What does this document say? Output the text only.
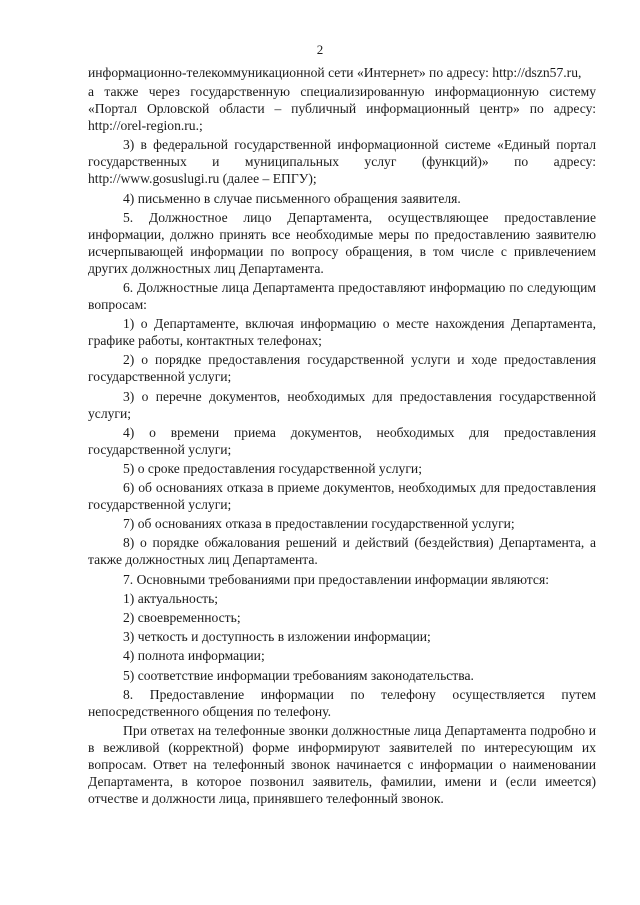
2

информационно-телекоммуникационной сети «Интернет» по адресу: http://dszn57.ru,

а также через государственную специализированную информационную систему «Портал Орловской области – публичный информационный центр» по адресу: http://orel-region.ru.;

3) в федеральной государственной информационной системе «Единый портал государственных и муниципальных услуг (функций)» по адресу: http://www.gosuslugi.ru (далее – ЕПГУ);

4) письменно в случае письменного обращения заявителя.

5. Должностное лицо Департамента, осуществляющее предоставление информации, должно принять все необходимые меры по предоставлению заявителю исчерпывающей информации по вопросу обращения, в том числе с привлечением других должностных лиц Департамента.

6. Должностные лица Департамента предоставляют информацию по следующим вопросам:

1) о Департаменте, включая информацию о месте нахождения Департамента, графике работы, контактных телефонах;

2) о порядке предоставления государственной услуги и ходе предоставления государственной услуги;

3) о перечне документов, необходимых для предоставления государственной услуги;

4) о времени приема документов, необходимых для предоставления государственной услуги;

5) о сроке предоставления государственной услуги;

6) об основаниях отказа в приеме документов, необходимых для предоставления государственной услуги;

7) об основаниях отказа в предоставлении государственной услуги;

8) о порядке обжалования решений и действий (бездействия) Департамента, а также должностных лиц Департамента.

7. Основными требованиями при предоставлении информации являются:

1) актуальность;

2) своевременность;

3) четкость и доступность в изложении информации;

4) полнота информации;

5) соответствие информации требованиям законодательства.

8. Предоставление информации по телефону осуществляется путем непосредственного общения по телефону.

При ответах на телефонные звонки должностные лица Департамента подробно и в вежливой (корректной) форме информируют заявителей по интересующим их вопросам. Ответ на телефонный звонок начинается с информации о наименовании Департамента, в которое позвонил заявитель, фамилии, имени и (если имеется) отчестве и должности лица, принявшего телефонный звонок.
